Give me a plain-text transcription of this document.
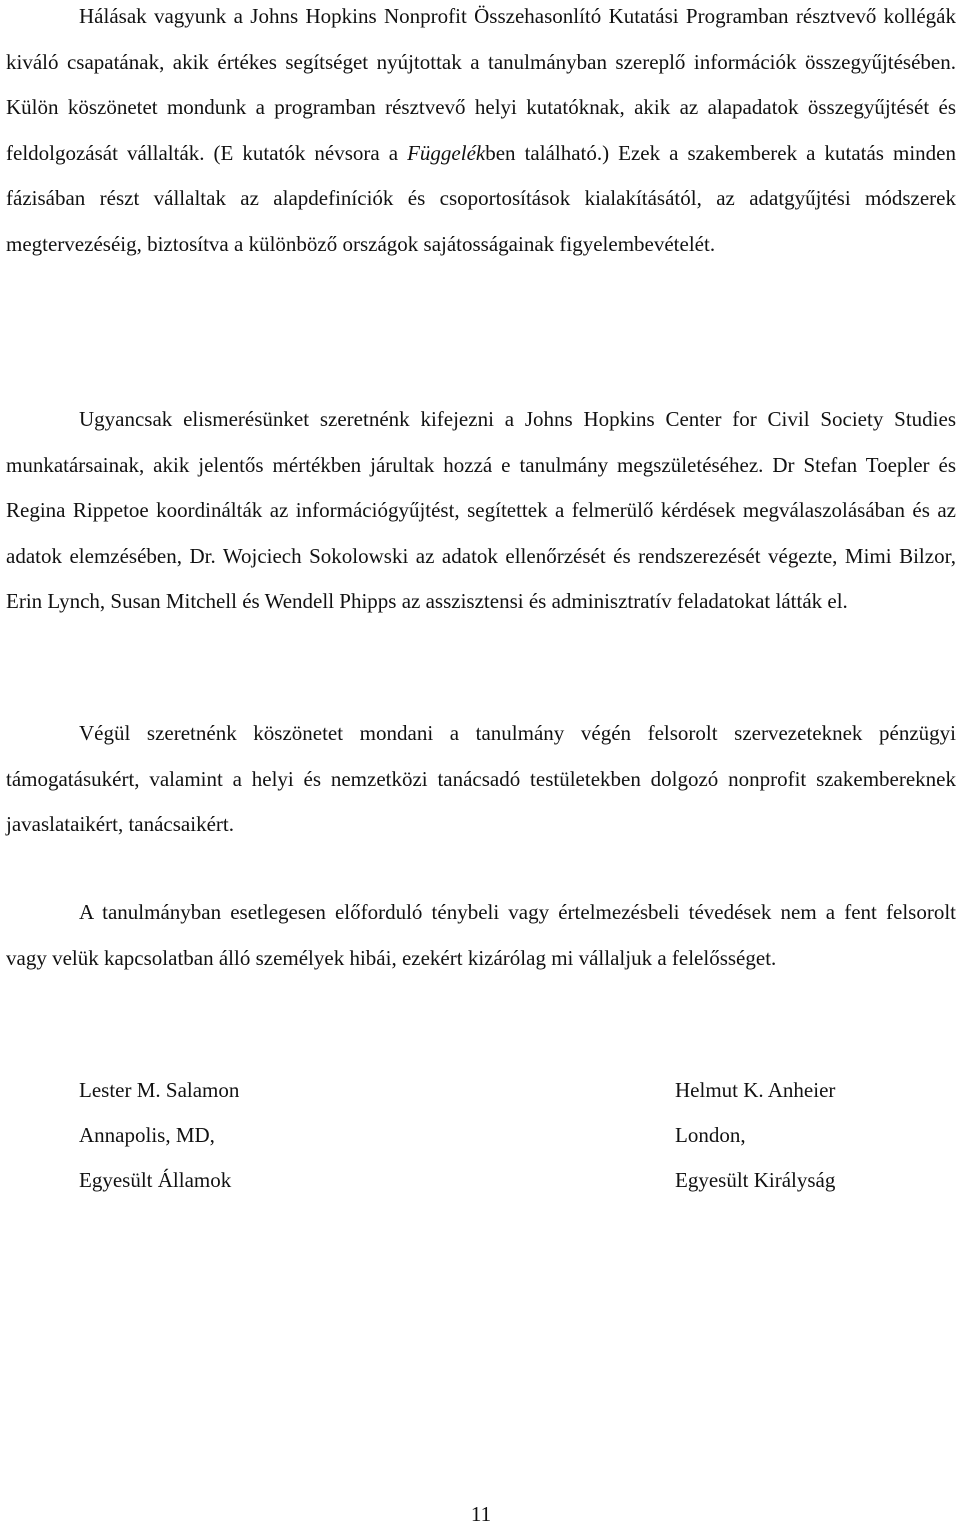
Hálásak vagyunk a Johns Hopkins Nonprofit Összehasonlító Kutatási Programban résztvevő kollégák kiváló csapatának, akik értékes segítséget nyújtottak a tanulmányban szereplő információk összegyűjtésében. Külön köszönetet mondunk a programban résztvevő helyi kutatóknak, akik az alapadatok összegyűjtését és feldolgozását vállalták. (E kutatók névsora a Függelékben található.) Ezek a szakemberek a kutatás minden fázisában részt vállaltak az alapdefiníciók és csoportosítások kialakításától, az adatgyűjtési módszerek megtervezéséig, biztosítva a különböző országok sajátosságainak figyelembevételét.

Ugyancsak elismerésünket szeretnénk kifejezni a Johns Hopkins Center for Civil Society Studies munkatársainak, akik jelentős mértékben járultak hozzá e tanulmány megszületéséhez. Dr Stefan Toepler és Regina Rippetoe koordinálták az információgyűjtést, segítettek a felmerülő kérdések megválaszolásában és az adatok elemzésében, Dr. Wojciech Sokolowski az adatok ellenőrzését és rendszerezését végezte, Mimi Bilzor, Erin Lynch, Susan Mitchell és Wendell Phipps az asszisztensi és adminisztratív feladatokat látták el.

Végül szeretnénk köszönetet mondani a tanulmány végén felsorolt szervezeteknek pénzügyi támogatásukért, valamint a helyi és nemzetközi tanácsadó testületekben dolgozó nonprofit szakembereknek javaslataikért, tanácsaikért.

A tanulmányban esetlegesen előforduló ténybeli vagy értelmezésbeli tévedések nem a fent felsorolt vagy velük kapcsolatban álló személyek hibái, ezekért kizárólag mi vállaljuk a felelősséget.

Lester M. Salamon
Annapolis, MD,
Egyesült Államok
Helmut K. Anheier
London,
Egyesült Királyság
11
